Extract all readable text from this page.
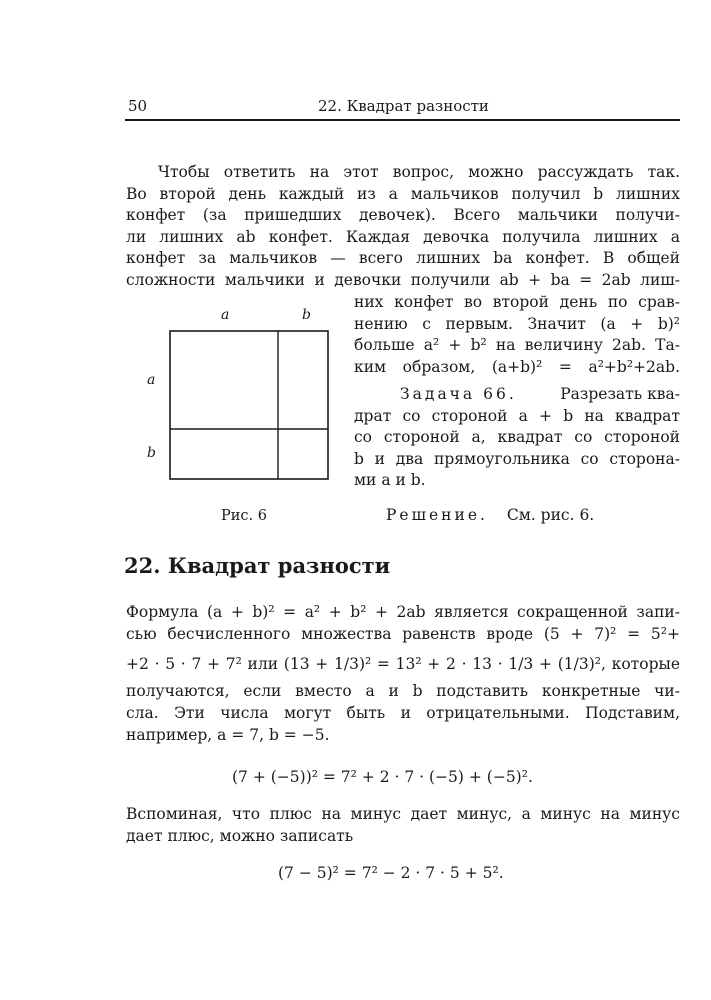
50	22. Квадрат разности
Чтобы ответить на этот вопрос, можно рассуждать так.
Во второй день каждый из a мальчиков получил b лишних
конфет (за пришедших девочек). Всего мальчики получи-
ли лишних ab конфет. Каждая девочка получила лишних a
конфет за мальчиков — всего лишних ba конфет. В общей
сложности мальчики и девочки получили ab + ba = 2ab лиш-
a	b
a
b
Рис. 6
них конфет во второй день по срав-
нению с первым. Значит (a + b)²
больше a² + b² на величину 2ab. Та-
ким образом, (a+b)² = a²+b²+2ab.
Задача 66.	Разрезать ква-
драт со стороной a + b на квадрат
со стороной a, квадрат со стороной
b и два прямоугольника со сторона-
ми a и b.
Решение. См. рис. 6.
22. Квадрат разности
Формула (a + b)² = a² + b² + 2ab является сокращенной запи-
сью бесчисленного множества равенств вроде (5 + 7)² = 5²+
+2 · 5 · 7 + 7² или (13 + 1/3)² = 13² + 2 · 13 · 1/3 + (1/3)², которые
получаются, если вместо a и b подставить конкретные чи-
сла. Эти числа могут быть и отрицательными. Подставим,
например, a = 7, b = −5.
(7 + (−5))² = 7² + 2 · 7 · (−5) + (−5)².
Вспоминая, что плюс на минус дает минус, а минус на минус
дает плюс, можно записать
(7 − 5)² = 7² − 2 · 7 · 5 + 5².
